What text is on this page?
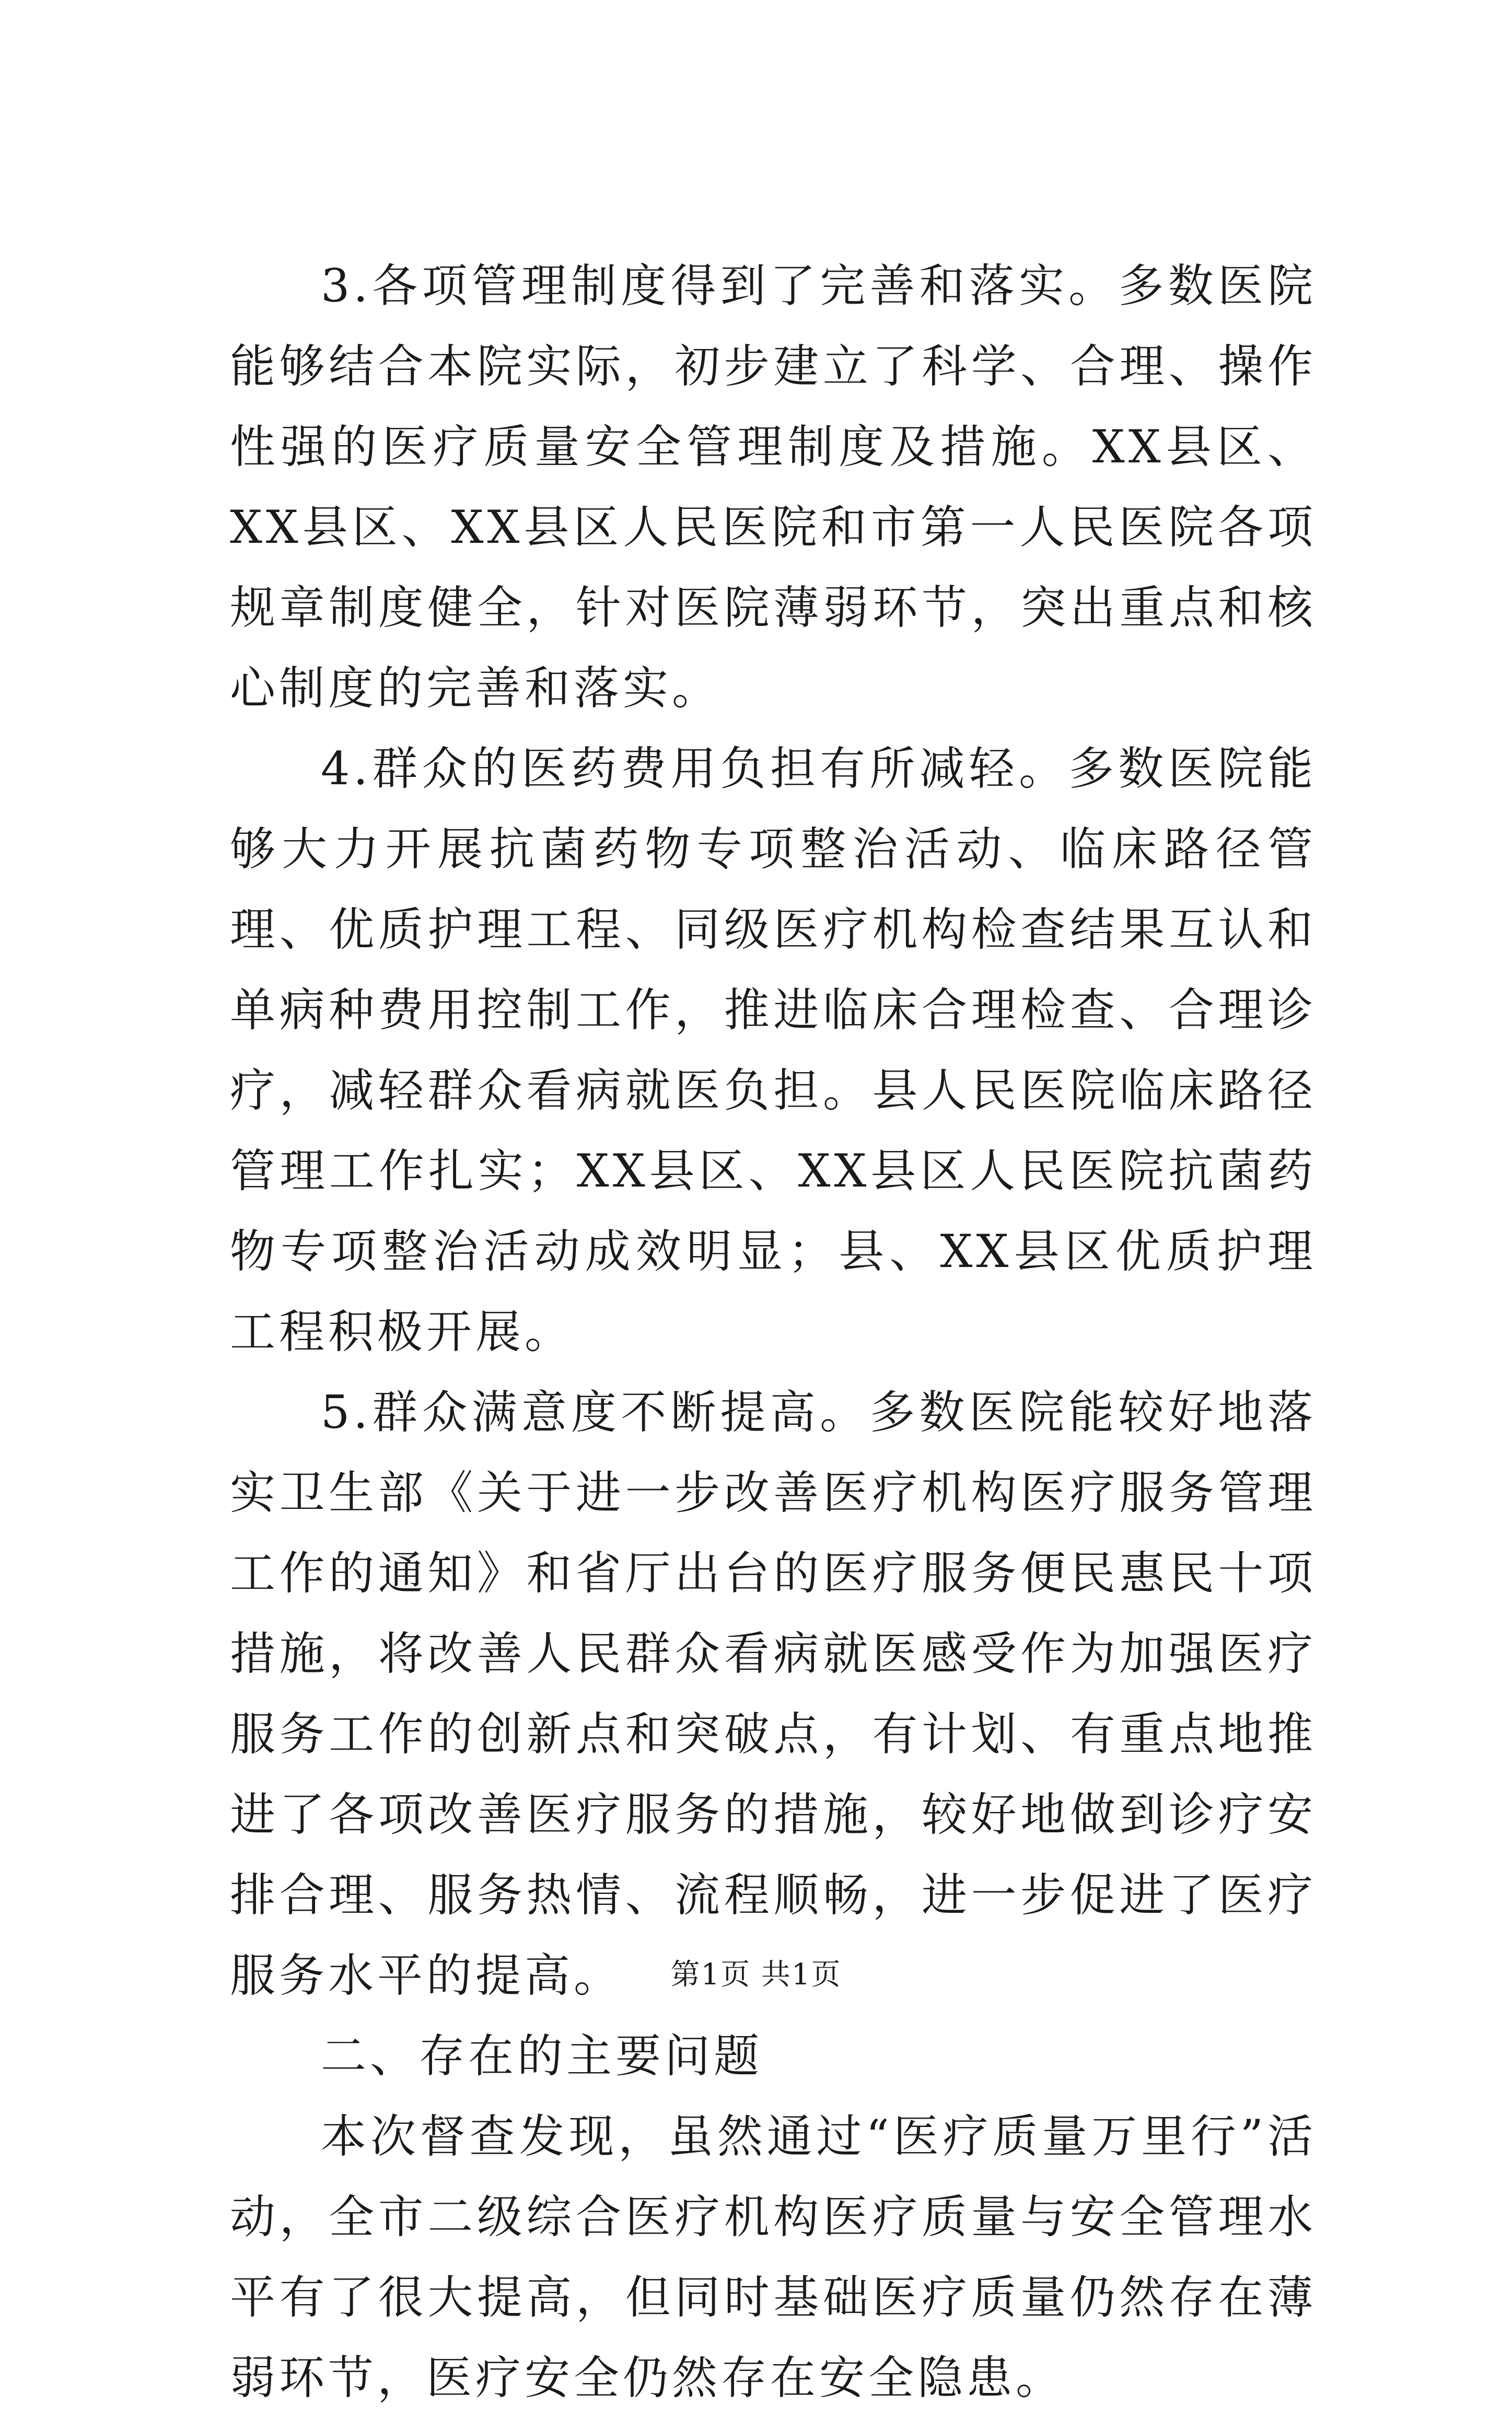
3.各项管理制度得到了完善和落实。多数医院能够结合本院实际，初步建立了科学、合理、操作性强的医疗质量安全管理制度及措施。XX县区、XX县区、XX县区人民医院和市第一人民医院各项规章制度健全，针对医院薄弱环节，突出重点和核心制度的完善和落实。

4.群众的医药费用负担有所减轻。多数医院能够大力开展抗菌药物专项整治活动、临床路径管理、优质护理工程、同级医疗机构检查结果互认和单病种费用控制工作，推进临床合理检查、合理诊疗，减轻群众看病就医负担。县人民医院临床路径管理工作扎实；XX县区、XX县区人民医院抗菌药物专项整治活动成效明显；县、XX县区优质护理工程积极开展。

5.群众满意度不断提高。多数医院能较好地落实卫生部《关于进一步改善医疗机构医疗服务管理工作的通知》和省厅出台的医疗服务便民惠民十项措施，将改善人民群众看病就医感受作为加强医疗服务工作的创新点和突破点，有计划、有重点地推进了各项改善医疗服务的措施，较好地做到诊疗安排合理、服务热情、流程顺畅，进一步促进了医疗服务水平的提高。

二、存在的主要问题

本次督查发现，虽然通过“医疗质量万里行”活动，全市二级综合医疗机构医疗质量与安全管理水平有了很大提高，但同时基础医疗质量仍然存在薄弱环节，医疗安全仍然存在安全隐患。

第1页 共1页
